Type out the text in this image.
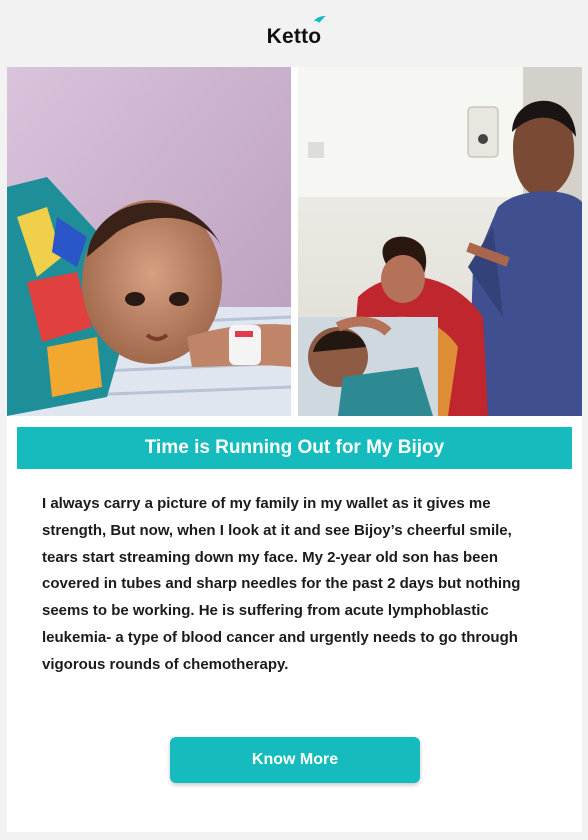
Ketto
Time is Running Out for My Bijoy

I always carry a picture of my family in my wallet as it gives me strength, But now, when I look at it and see Bijoy’s cheerful smile, tears start streaming down my face. My 2-year old son has been covered in tubes and sharp needles for the past 2 days but nothing seems to be working. He is suffering from acute lymphoblastic leukemia- a type of blood cancer and urgently needs to go through vigorous rounds of chemotherapy.

Know More
